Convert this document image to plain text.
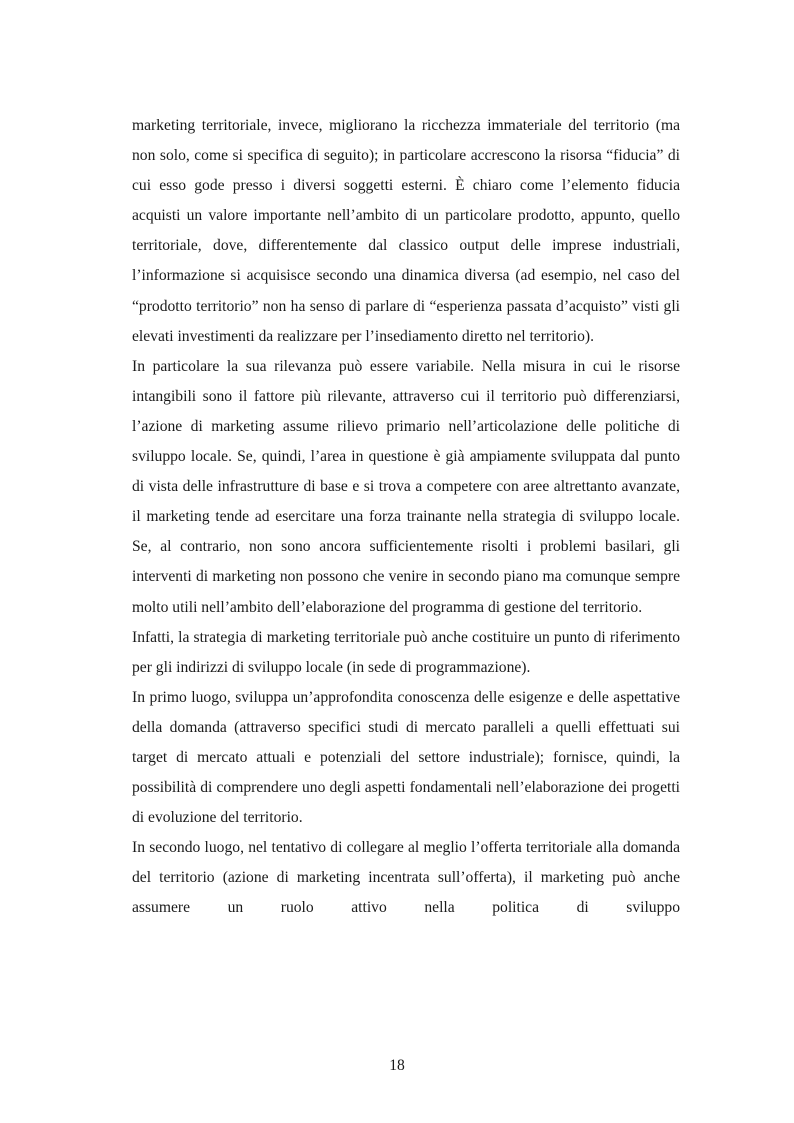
marketing territoriale, invece, migliorano la ricchezza immateriale del territorio (ma non solo, come si specifica di seguito); in particolare accrescono la risorsa “fiducia” di cui esso gode presso i diversi soggetti esterni. È chiaro come l’elemento fiducia acquisti un valore importante nell’ambito di un particolare prodotto, appunto, quello territoriale, dove, differentemente dal classico output delle imprese industriali, l’informazione si acquisisce secondo una dinamica diversa (ad esempio, nel caso del “prodotto territorio” non ha senso di parlare di “esperienza passata d’acquisto” visti gli elevati investimenti da realizzare per l’insediamento diretto nel territorio).

In particolare la sua rilevanza può essere variabile. Nella misura in cui le risorse intangibili sono il fattore più rilevante, attraverso cui il territorio può differenziarsi, l’azione di marketing assume rilievo primario nell’articolazione delle politiche di sviluppo locale. Se, quindi, l’area in questione è già ampiamente sviluppata dal punto di vista delle infrastrutture di base e si trova a competere con aree altrettanto avanzate, il marketing tende ad esercitare una forza trainante nella strategia di sviluppo locale. Se, al contrario, non sono ancora sufficientemente risolti i problemi basilari, gli interventi di marketing non possono che venire in secondo piano ma comunque sempre molto utili nell’ambito dell’elaborazione del programma di gestione del territorio.

Infatti, la strategia di marketing territoriale può anche costituire un punto di riferimento per gli indirizzi di sviluppo locale (in sede di programmazione).

In primo luogo, sviluppa un’approfondita conoscenza delle esigenze e delle aspettative della domanda (attraverso specifici studi di mercato paralleli a quelli effettuati sui target di mercato attuali e potenziali del settore industriale); fornisce, quindi, la possibilità di comprendere uno degli aspetti fondamentali nell’elaborazione dei progetti di evoluzione del territorio.

In secondo luogo, nel tentativo di collegare al meglio l’offerta territoriale alla domanda del territorio (azione di marketing incentrata sull’offerta), il marketing può anche assumere un ruolo attivo nella politica di sviluppo

18
